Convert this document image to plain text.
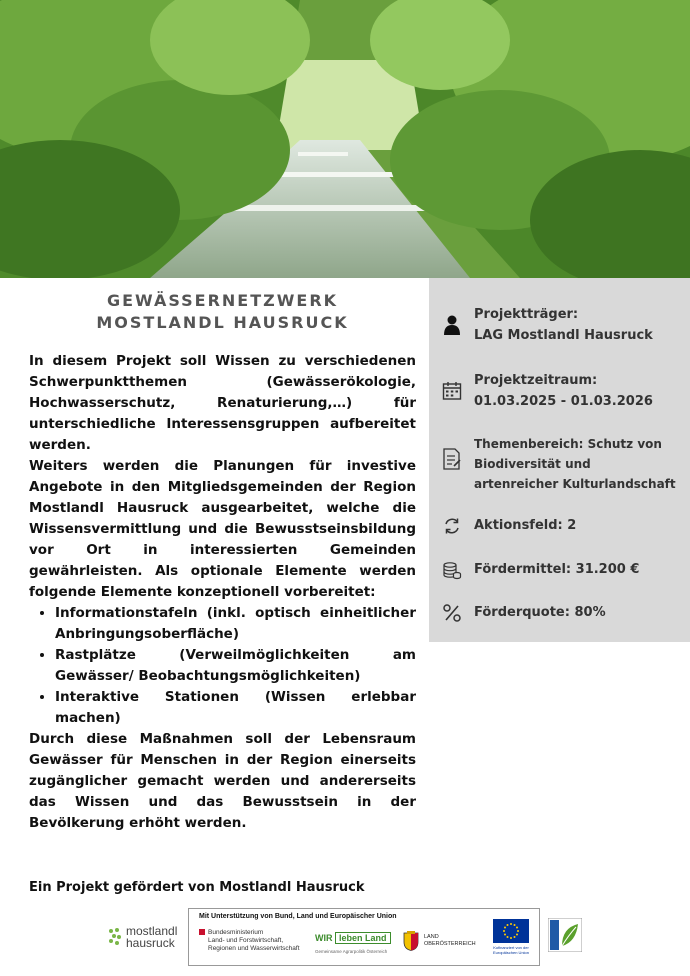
GEWÄSSERNETZWERK
MOSTLANDL HAUSRUCK

In diesem Projekt soll Wissen zu verschiedenen Schwerpunktthemen (Gewässerökologie, Hochwasserschutz, Renaturierung,…) für unterschiedliche Interessensgruppen aufbereitet werden.

Weiters werden die Planungen für investive Angebote in den Mitgliedsgemeinden der Region Mostlandl Hausruck ausgearbeitet, welche die Wissensvermittlung und die Bewusstseinsbildung vor Ort in interessierten Gemeinden gewährleisten. Als optionale Elemente werden folgende Elemente konzeptionell vorbereitet:

• Informationstafeln (inkl. optisch einheitlicher Anbringungsoberfläche)
• Rastplätze (Verweilmöglichkeiten am Gewässer/ Beobachtungsmöglichkeiten)
• Interaktive Stationen (Wissen erlebbar machen)

Durch diese Maßnahmen soll der Lebensraum Gewässer für Menschen in der Region einerseits zugänglicher gemacht werden und andererseits das Wissen und das Bewusstsein in der Bevölkerung erhöht werden.

Projektträger:
LAG Mostlandl Hausruck
Projektzeitraum:
01.03.2025 - 01.03.2026
Themenbereich: Schutz von
Biodiversität und
artenreicher Kulturlandschaft
Aktionsfeld: 2
Fördermittel: 31.200 €
Förderquote: 80%
Ein Projekt gefördert von Mostlandl Hausruck
mostlandl
hausruck
Mit Unterstützung von Bund, Land und Europäischer Union
Bundesministerium
Land- und Forstwirtschaft,
Regionen und Wasserwirtschaft
WIR leben Land
Gemeinsame Agrarpolitik Österreich
LAND
OBERÖSTERREICH
Kofinanziert von der
Europäischen Union
